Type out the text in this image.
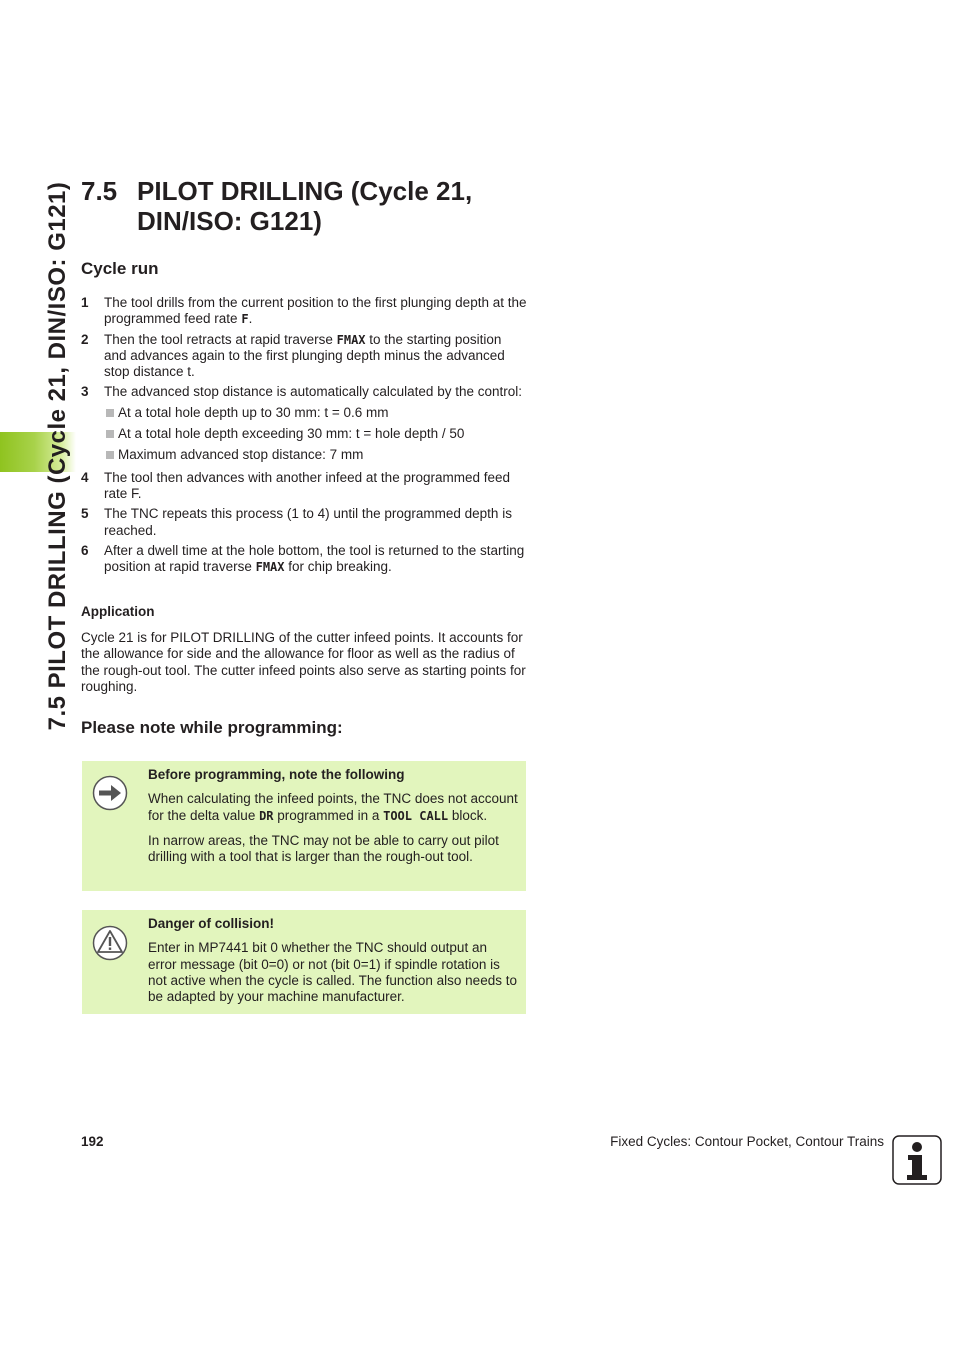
7.5 PILOT DRILLING (Cycle 21, DIN/ISO: G121) 7.5 PILOT DRILLING (Cycle 21,
DIN/ISO: G121)
Cycle run
1 The tool drills from the current position to the first plunging depth at the programmed feed rate F.
2 Then the tool retracts at rapid traverse FMAX to the starting position and advances again to the first plunging depth minus the advanced stop distance t.
3 The advanced stop distance is automatically calculated by the control:
At a total hole depth up to 30 mm: t = 0.6 mm
At a total hole depth exceeding 30 mm: t = hole depth / 50
Maximum advanced stop distance: 7 mm
4 The tool then advances with another infeed at the programmed feed rate F.
5 The TNC repeats this process (1 to 4) until the programmed depth is reached.
6 After a dwell time at the hole bottom, the tool is returned to the starting position at rapid traverse FMAX for chip breaking.
Application

Cycle 21 is for PILOT DRILLING of the cutter infeed points. It accounts for the allowance for side and the allowance for floor as well as the radius of the rough-out tool. The cutter infeed points also serve as starting points for roughing.

Please note while programming:
Before programming, note the following

When calculating the infeed points, the TNC does not account for the delta value DR programmed in a TOOL CALL block.

In narrow areas, the TNC may not be able to carry out pilot drilling with a tool that is larger than the rough-out tool.

Danger of collision!

Enter in MP7441 bit 0 whether the TNC should output an error message (bit 0=0) or not (bit 0=1) if spindle rotation is not active when the cycle is called. The function also needs to be adapted by your machine manufacturer.

192	Fixed Cycles: Contour Pocket, Contour Trains
